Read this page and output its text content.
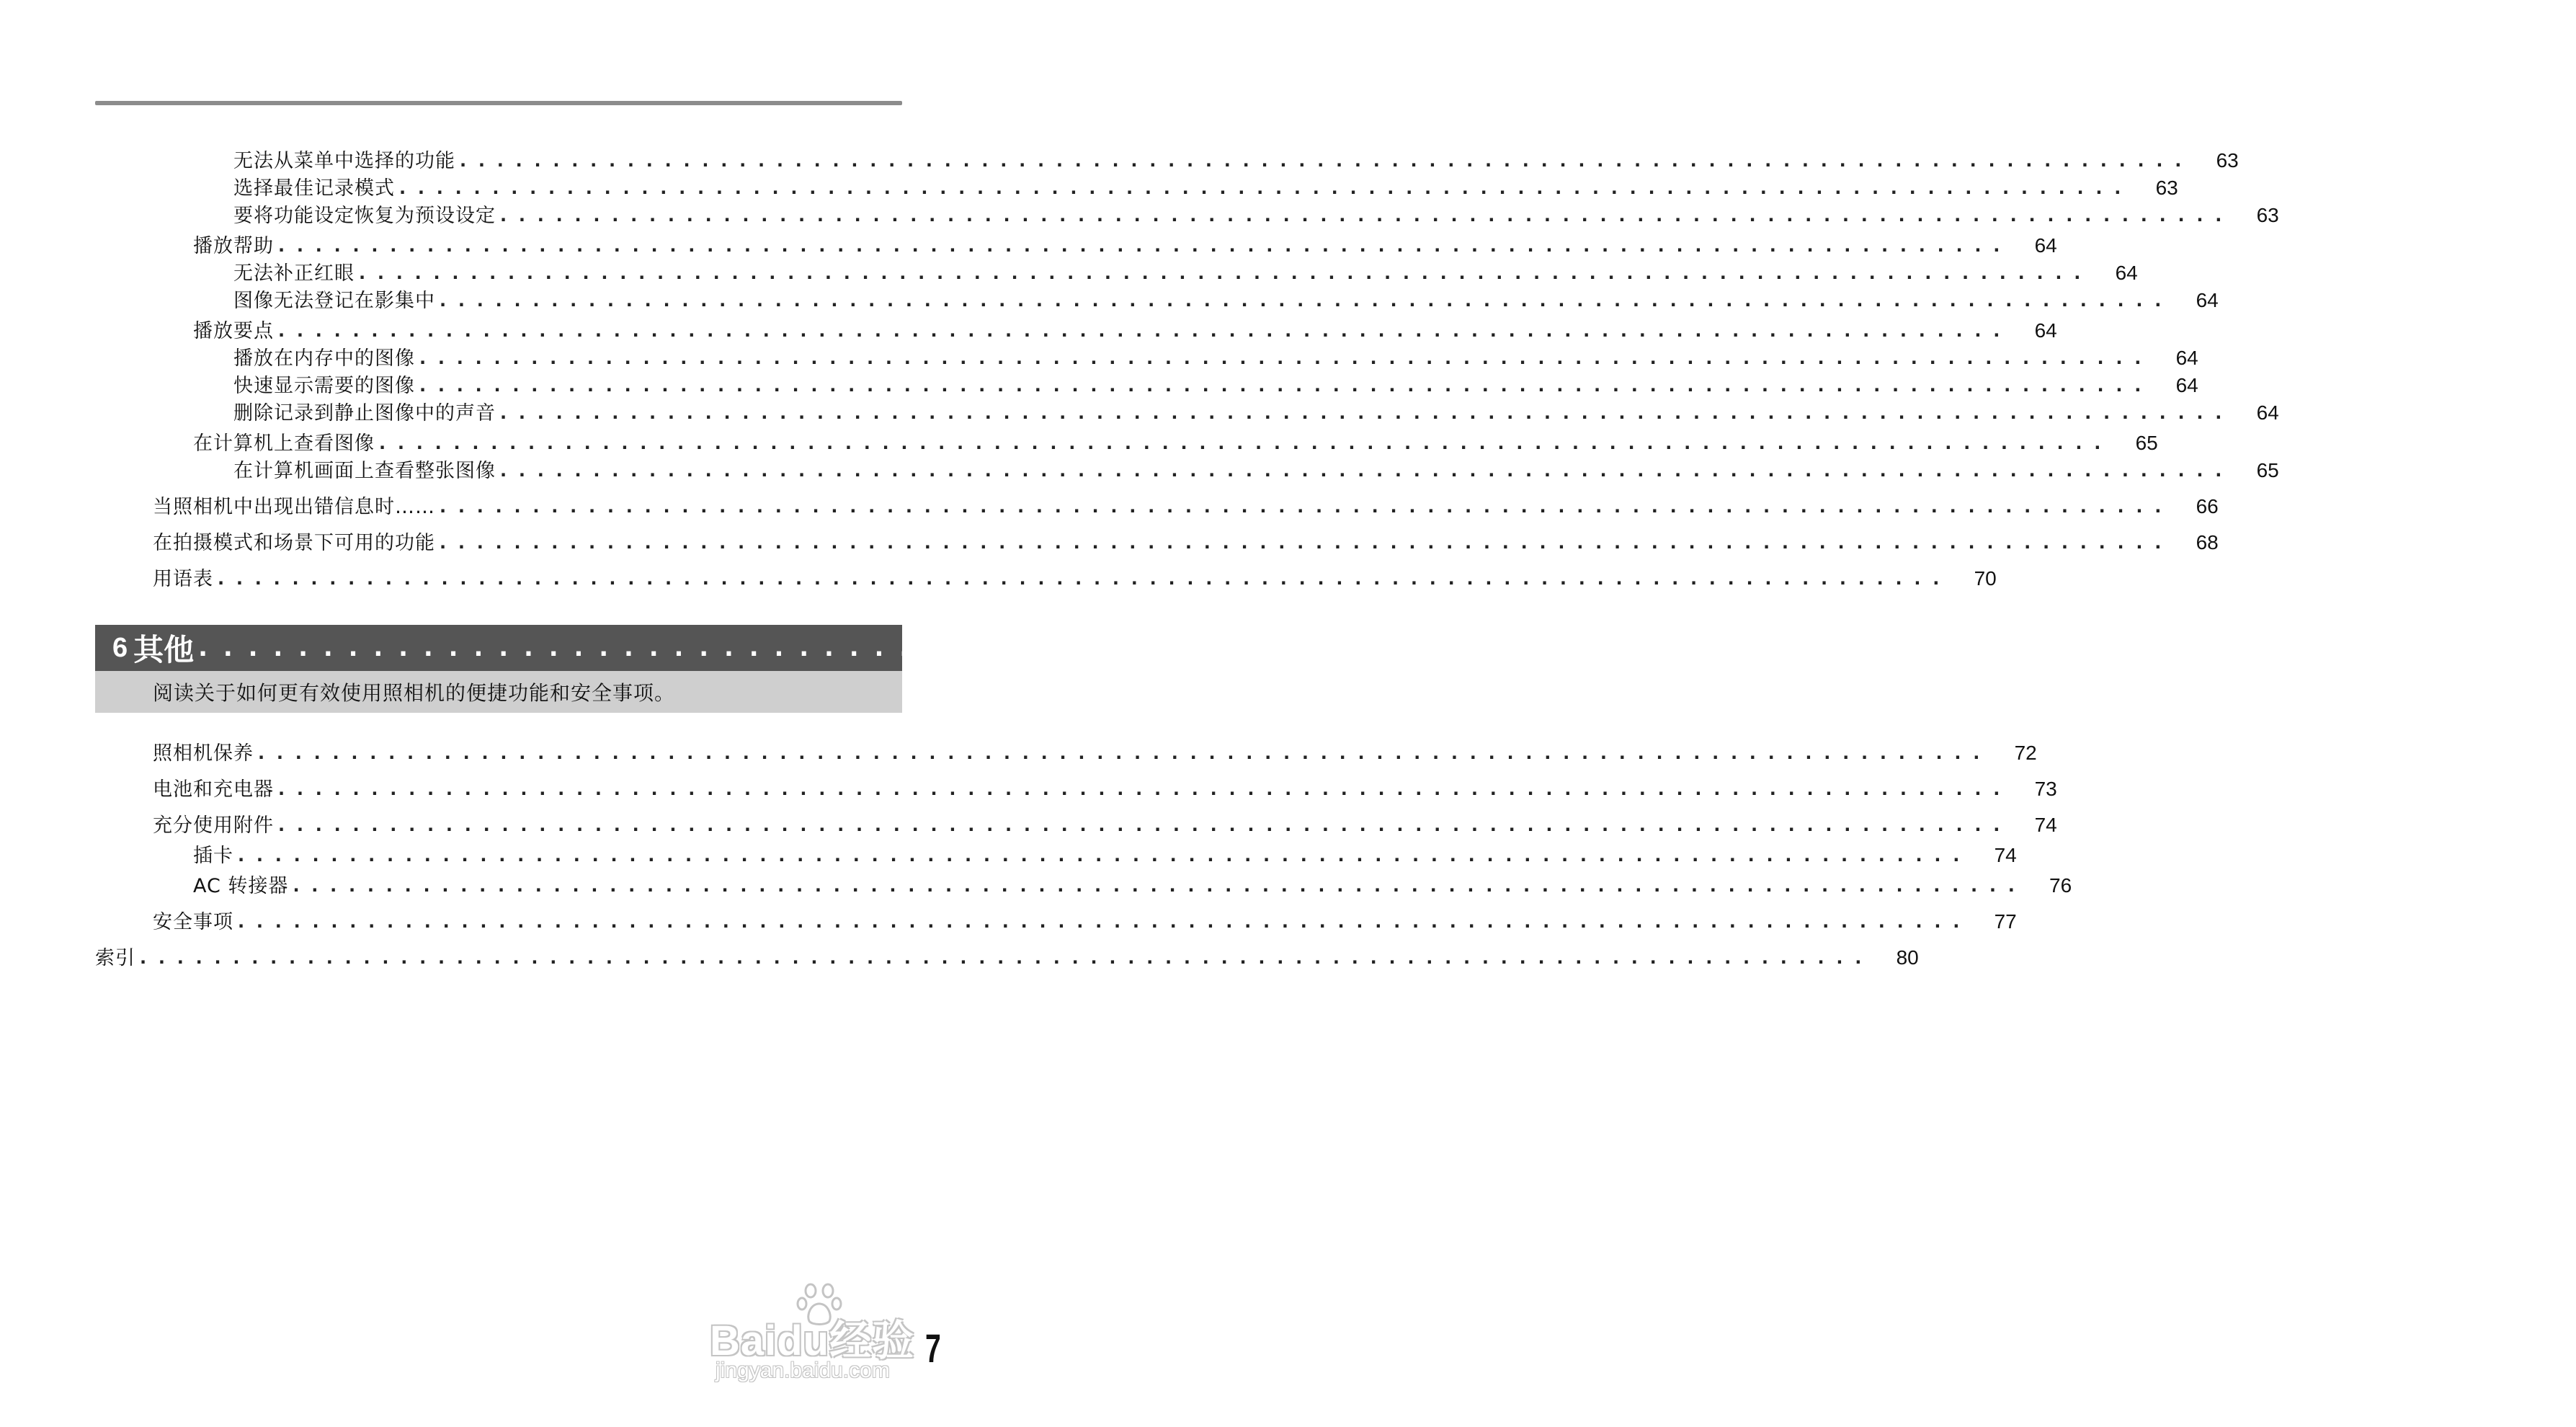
无法从菜单中选择的功能 . . . . . . . . . . . . . . . . . . . . . . . . . . . . . . . . . . . . . . . . . . . . . . . . . . . . . . . . . . . . . . . . . . . . . . . . . . . . . . . . . . . . . . . . . . . . . 63
选择最佳记录模式 . . . . . . . . . . . . . . . . . . . . . . . . . . . . . . . . . . . . . . . . . . . . . . . . . . . . . . . . . . . . . . . . . . . . . . . . . . . . . . . . . . . . . . . . . . . . . 63
要将功能设定恢复为预设设定 . . . . . . . . . . . . . . . . . . . . . . . . . . . . . . . . . . . . . . . . . . . . . . . . . . . . . . . . . . . . . . . . . . . . . . . . . . . . . . . . . . . . . . . . . . . . . 63
播放帮助 . . . . . . . . . . . . . . . . . . . . . . . . . . . . . . . . . . . . . . . . . . . . . . . . . . . . . . . . . . . . . . . . . . . . . . . . . . . . . . . . . . . . . . . . . . . . . 64
无法补正红眼 . . . . . . . . . . . . . . . . . . . . . . . . . . . . . . . . . . . . . . . . . . . . . . . . . . . . . . . . . . . . . . . . . . . . . . . . . . . . . . . . . . . . . . . . . . . . . 64
图像无法登记在影集中 . . . . . . . . . . . . . . . . . . . . . . . . . . . . . . . . . . . . . . . . . . . . . . . . . . . . . . . . . . . . . . . . . . . . . . . . . . . . . . . . . . . . . . . . . . . . . 64
播放要点 . . . . . . . . . . . . . . . . . . . . . . . . . . . . . . . . . . . . . . . . . . . . . . . . . . . . . . . . . . . . . . . . . . . . . . . . . . . . . . . . . . . . . . . . . . . . . 64
播放在内存中的图像 . . . . . . . . . . . . . . . . . . . . . . . . . . . . . . . . . . . . . . . . . . . . . . . . . . . . . . . . . . . . . . . . . . . . . . . . . . . . . . . . . . . . . . . . . . . . . 64
快速显示需要的图像 . . . . . . . . . . . . . . . . . . . . . . . . . . . . . . . . . . . . . . . . . . . . . . . . . . . . . . . . . . . . . . . . . . . . . . . . . . . . . . . . . . . . . . . . . . . . . 64
删除记录到静止图像中的声音 . . . . . . . . . . . . . . . . . . . . . . . . . . . . . . . . . . . . . . . . . . . . . . . . . . . . . . . . . . . . . . . . . . . . . . . . . . . . . . . . . . . . . . . . . . . . . 64
在计算机上查看图像 . . . . . . . . . . . . . . . . . . . . . . . . . . . . . . . . . . . . . . . . . . . . . . . . . . . . . . . . . . . . . . . . . . . . . . . . . . . . . . . . . . . . . . . . . . . . . 65
在计算机画面上查看整张图像 . . . . . . . . . . . . . . . . . . . . . . . . . . . . . . . . . . . . . . . . . . . . . . . . . . . . . . . . . . . . . . . . . . . . . . . . . . . . . . . . . . . . . . . . . . . . . 65
当照相机中出现出错信息时…… . . . . . . . . . . . . . . . . . . . . . . . . . . . . . . . . . . . . . . . . . . . . . . . . . . . . . . . . . . . . . . . . . . . . . . . . . . . . . . . . . . . . . . . . . . . . . 66
在拍摄模式和场景下可用的功能 . . . . . . . . . . . . . . . . . . . . . . . . . . . . . . . . . . . . . . . . . . . . . . . . . . . . . . . . . . . . . . . . . . . . . . . . . . . . . . . . . . . . . . . . . . . . . 68
用语表 . . . . . . . . . . . . . . . . . . . . . . . . . . . . . . . . . . . . . . . . . . . . . . . . . . . . . . . . . . . . . . . . . . . . . . . . . . . . . . . . . . . . . . . . . . . . . 70
6 其他 . . . . . . . . . . . . . . . . . . . . . . . . . . . . . . . . . . . . . . . . . . . . . . . . . . . . . . . . . . . . . . . . . . . . . . . . . . . . . . . . . . . . . . . . . . . . . 72
阅读关于如何更有效使用照相机的便捷功能和安全事项。
照相机保养 . . . . . . . . . . . . . . . . . . . . . . . . . . . . . . . . . . . . . . . . . . . . . . . . . . . . . . . . . . . . . . . . . . . . . . . . . . . . . . . . . . . . . . . . . . . . . 72
电池和充电器 . . . . . . . . . . . . . . . . . . . . . . . . . . . . . . . . . . . . . . . . . . . . . . . . . . . . . . . . . . . . . . . . . . . . . . . . . . . . . . . . . . . . . . . . . . . . . 73
充分使用附件 . . . . . . . . . . . . . . . . . . . . . . . . . . . . . . . . . . . . . . . . . . . . . . . . . . . . . . . . . . . . . . . . . . . . . . . . . . . . . . . . . . . . . . . . . . . . . 74
插卡 . . . . . . . . . . . . . . . . . . . . . . . . . . . . . . . . . . . . . . . . . . . . . . . . . . . . . . . . . . . . . . . . . . . . . . . . . . . . . . . . . . . . . . . . . . . . . 74
AC 转接器 . . . . . . . . . . . . . . . . . . . . . . . . . . . . . . . . . . . . . . . . . . . . . . . . . . . . . . . . . . . . . . . . . . . . . . . . . . . . . . . . . . . . . . . . . . . . . 76
安全事项 . . . . . . . . . . . . . . . . . . . . . . . . . . . . . . . . . . . . . . . . . . . . . . . . . . . . . . . . . . . . . . . . . . . . . . . . . . . . . . . . . . . . . . . . . . . . . 77
索引 . . . . . . . . . . . . . . . . . . . . . . . . . . . . . . . . . . . . . . . . . . . . . . . . . . . . . . . . . . . . . . . . . . . . . . . . . . . . . . . . . . . . . . . . . . . . . 80
Baidu经验
jingyan.baidu.com 7
